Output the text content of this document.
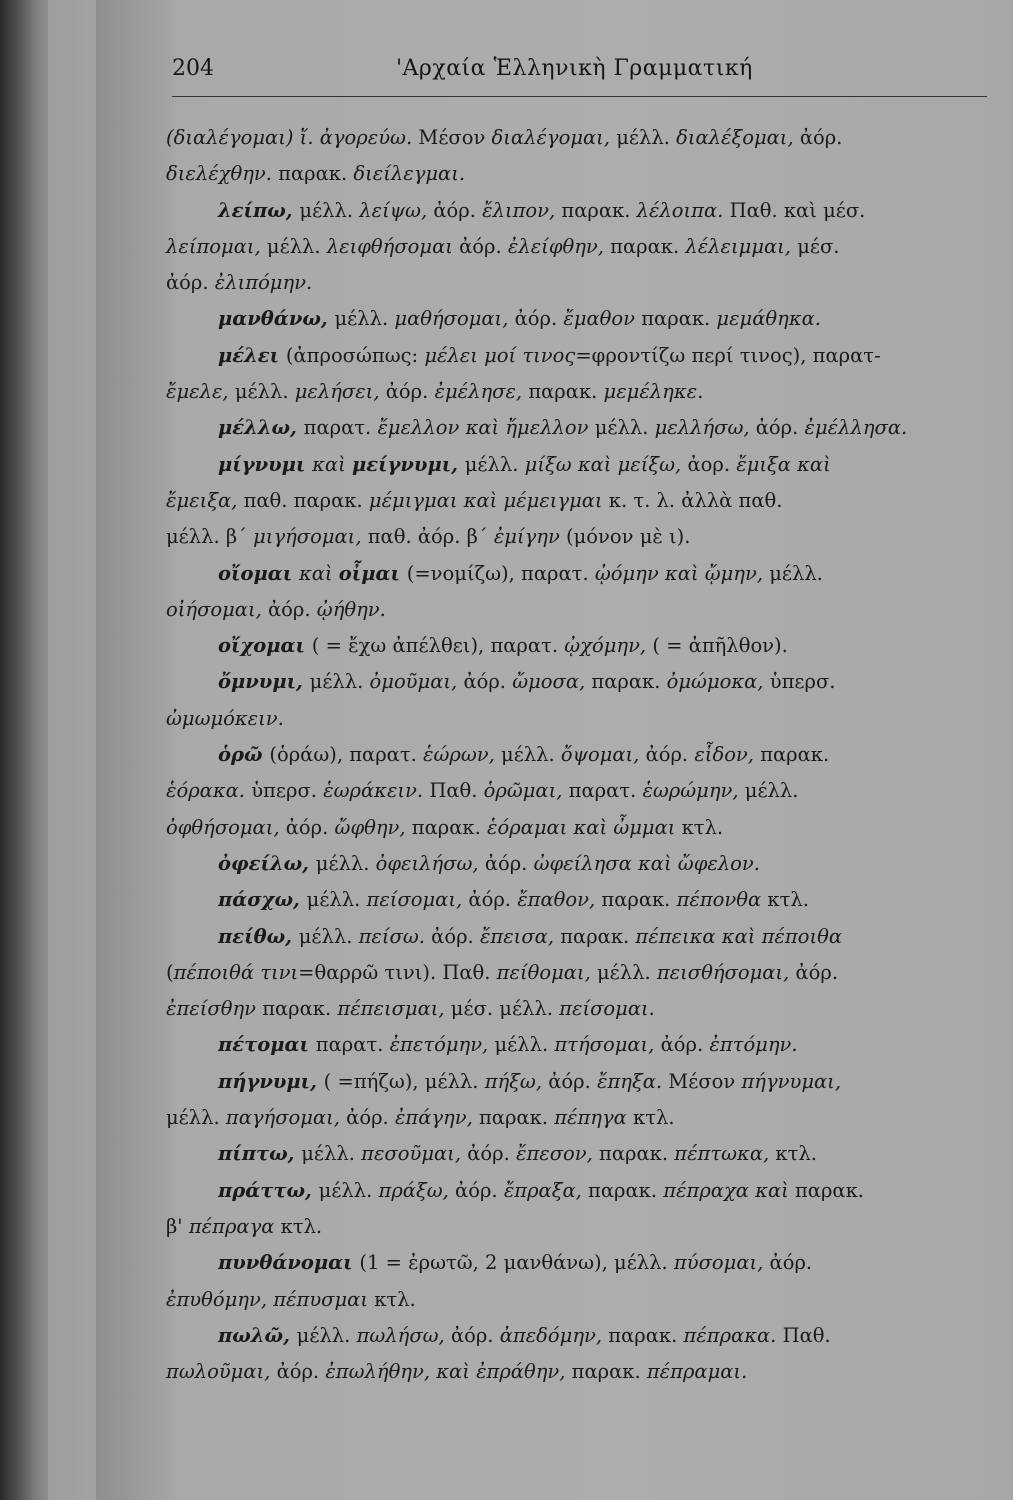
204	'Αρχαία Ἑλληνικὴ Γραμματική
(διαλέγομαι) ἴ. ἀγορεύω. Μέσον διαλέγομαι, μέλλ. διαλέξομαι, ἀόρ.
διελέχθην. παρακ. διείλεγμαι.
λείπω, μέλλ. λείψω, ἀόρ. ἔλιπον, παρακ. λέλοιπα. Παθ. καὶ μέσ.
λείπομαι, μέλλ. λειφθήσομαι ἀόρ. ἐλείφθην, παρακ. λέλειμμαι, μέσ.
ἀόρ. ἐλιπόμην.
μανθάνω, μέλλ. μαθήσομαι, ἀόρ. ἔμαθον παρακ. μεμάθηκα.
μέλει (ἀπροσώπως: μέλει μοί τινος=φροντίζω περί τινος), παρατ-
ἔμελε, μέλλ. μελήσει, ἀόρ. ἐμέλησε, παρακ. μεμέληκε.
μέλλω, παρατ. ἔμελλον καὶ ἤμελλον μέλλ. μελλήσω, ἀόρ. ἐμέλλησα.
μίγνυμι καὶ μείγνυμι, μέλλ. μίξω καὶ μείξω, ἀορ. ἔμιξα καὶ
ἔμειξα, παθ. παρακ. μέμιγμαι καὶ μέμειγμαι κ. τ. λ. ἀλλὰ παθ.
μέλλ. β΄ μιγήσομαι, παθ. ἀόρ. β΄ ἐμίγην (μόνον μὲ ι).
οἴομαι καὶ οἶμαι (=νομίζω), παρατ. ᾠόμην καὶ ᾤμην, μέλλ.
οἰήσομαι, ἀόρ. ᾠήθην.
οἴχομαι ( = ἔχω ἀπέλθει), παρατ. ᾠχόμην, ( = ἀπῆλθον).
ὄμνυμι, μέλλ. ὀμοῦμαι, ἀόρ. ὤμοσα, παρακ. ὀμώμοκα, ὑπερσ.
ὠμωμόκειν.
ὁρῶ (ὁράω), παρατ. ἑώρων, μέλλ. ὄψομαι, ἀόρ. εἶδον, παρακ.
ἑόρακα. ὑπερσ. ἑωράκειν. Παθ. ὁρῶμαι, παρατ. ἑωρώμην, μέλλ.
ὀφθήσομαι, ἀόρ. ὤφθην, παρακ. ἑόραμαι καὶ ὦμμαι κτλ.
ὀφείλω, μέλλ. ὀφειλήσω, ἀόρ. ὠφείλησα καὶ ὤφελον.
πάσχω, μέλλ. πείσομαι, ἀόρ. ἔπαθον, παρακ. πέπονθα κτλ.
πείθω, μέλλ. πείσω. ἀόρ. ἔπεισα, παρακ. πέπεικα καὶ πέποιθα
(πέποιθά τινι=θαρρῶ τινι). Παθ. πείθομαι, μέλλ. πεισθήσομαι, ἀόρ.
ἐπείσθην παρακ. πέπεισμαι, μέσ. μέλλ. πείσομαι.
πέτομαι παρατ. ἐπετόμην, μέλλ. πτήσομαι, ἀόρ. ἐπτόμην.
πήγνυμι, ( =πήζω), μέλλ. πήξω, ἀόρ. ἔπηξα. Μέσον πήγνυμαι,
μέλλ. παγήσομαι, ἀόρ. ἐπάγην, παρακ. πέπηγα κτλ.
πίπτω, μέλλ. πεσοῦμαι, ἀόρ. ἔπεσον, παρακ. πέπτωκα, κτλ.
πράττω, μέλλ. πράξω, ἀόρ. ἔπραξα, παρακ. πέπραχα καὶ παρακ.
β' πέπραγα κτλ.
πυνθάνομαι (1 = ἐρωτῶ, 2 μανθάνω), μέλλ. πύσομαι, ἀόρ.
ἐπυθόμην, πέπυσμαι κτλ.
πωλῶ, μέλλ. πωλήσω, ἀόρ. ἀπεδόμην, παρακ. πέπρακα. Παθ.
πωλοῦμαι, ἀόρ. ἐπωλήθην, καὶ ἐπράθην, παρακ. πέπραμαι.
